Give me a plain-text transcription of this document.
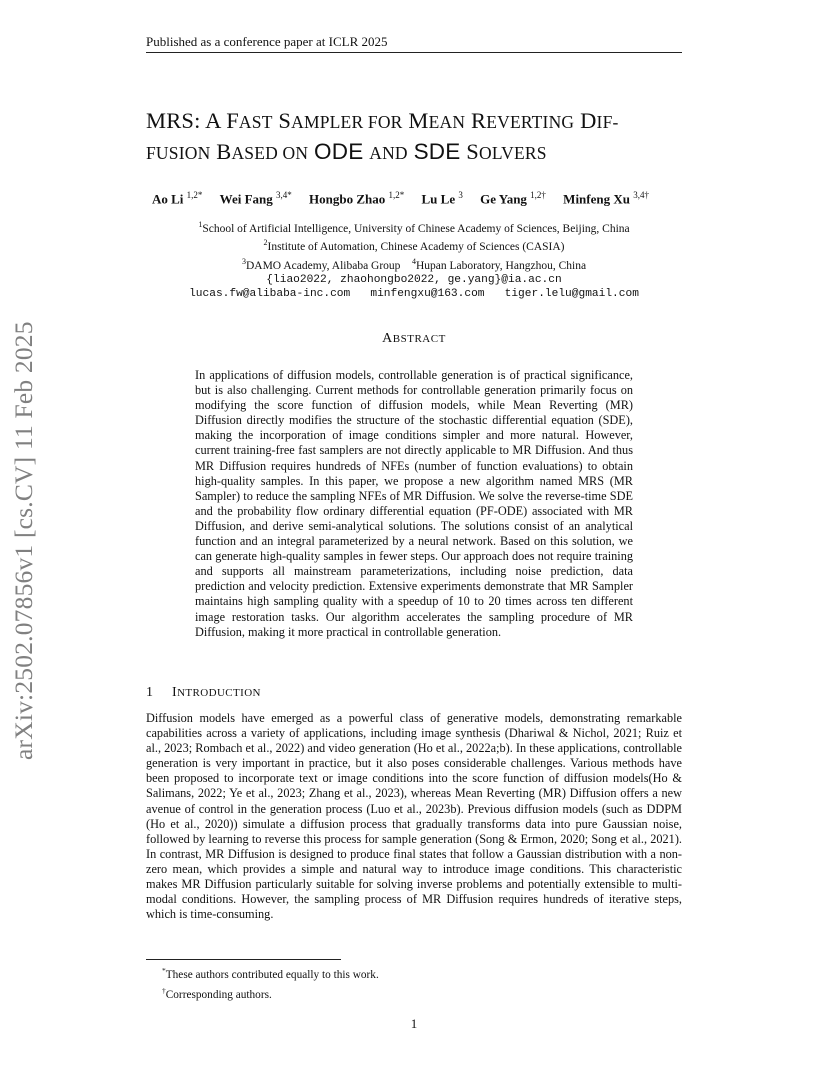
Published as a conference paper at ICLR 2025
arXiv:2502.07856v1 [cs.CV] 11 Feb 2025
MRS: A FAST SAMPLER FOR MEAN REVERTING DIF-
FUSION BASED ON ODE AND SDE SOLVERS
Ao Li $^{1,2*}$ Wei Fang $^{3,4*}$ Hongbo Zhao $^{1,2*}$ Lu Le $^3$ Ge Yang $^{1,2\dagger}$ Minfeng Xu $^{3,4\dagger}$
$^1$School of Artificial Intelligence, University of Chinese Academy of Sciences, Beijing, China
$^2$Institute of Automation, Chinese Academy of Sciences (CASIA)
$^3$DAMO Academy, Alibaba Group $^4$Hupan Laboratory, Hangzhou, China
{liao2022, zhaohongbo2022, ge.yang}@ia.ac.cn
lucas.fw@alibaba-inc.com   minfengxu@163.com   tiger.lelu@gmail.com
ABSTRACT
In applications of diffusion models, controllable generation is of practical significance, but is also challenging. Current methods for controllable generation primarily focus on modifying the score function of diffusion models, while Mean Reverting (MR) Diffusion directly modifies the structure of the stochastic differential equation (SDE), making the incorporation of image conditions simpler and more natural. However, current training-free fast samplers are not directly applicable to MR Diffusion. And thus MR Diffusion requires hundreds of NFEs (number of function evaluations) to obtain high-quality samples. In this paper, we propose a new algorithm named MRS (MR Sampler) to reduce the sampling NFEs of MR Diffusion. We solve the reverse-time SDE and the probability flow ordinary differential equation (PF-ODE) associated with MR Diffusion, and derive semi-analytical solutions. The solutions consist of an analytical function and an integral parameterized by a neural network. Based on this solution, we can generate high-quality samples in fewer steps. Our approach does not require training and supports all mainstream parameterizations, including noise prediction, data prediction and velocity prediction. Extensive experiments demonstrate that MR Sampler maintains high sampling quality with a speedup of 10 to 20 times across ten different image restoration tasks. Our algorithm accelerates the sampling procedure of MR Diffusion, making it more practical in controllable generation.
1 INTRODUCTION
Diffusion models have emerged as a powerful class of generative models, demonstrating remarkable capabilities across a variety of applications, including image synthesis (Dhariwal & Nichol, 2021; Ruiz et al., 2023; Rombach et al., 2022) and video generation (Ho et al., 2022a;b). In these applications, controllable generation is very important in practice, but it also poses considerable challenges. Various methods have been proposed to incorporate text or image conditions into the score function of diffusion models(Ho & Salimans, 2022; Ye et al., 2023; Zhang et al., 2023), whereas Mean Reverting (MR) Diffusion offers a new avenue of control in the generation process (Luo et al., 2023b). Previous diffusion models (such as DDPM (Ho et al., 2020)) simulate a diffusion process that gradually transforms data into pure Gaussian noise, followed by learning to reverse this process for sample generation (Song & Ermon, 2020; Song et al., 2021). In contrast, MR Diffusion is designed to produce final states that follow a Gaussian distribution with a non-zero mean, which provides a simple and natural way to introduce image conditions. This characteristic makes MR Diffusion particularly suitable for solving inverse problems and potentially extensible to multi-modal conditions. However, the sampling process of MR Diffusion requires hundreds of iterative steps, which is time-consuming.
*These authors contributed equally to this work.
†Corresponding authors.
1
